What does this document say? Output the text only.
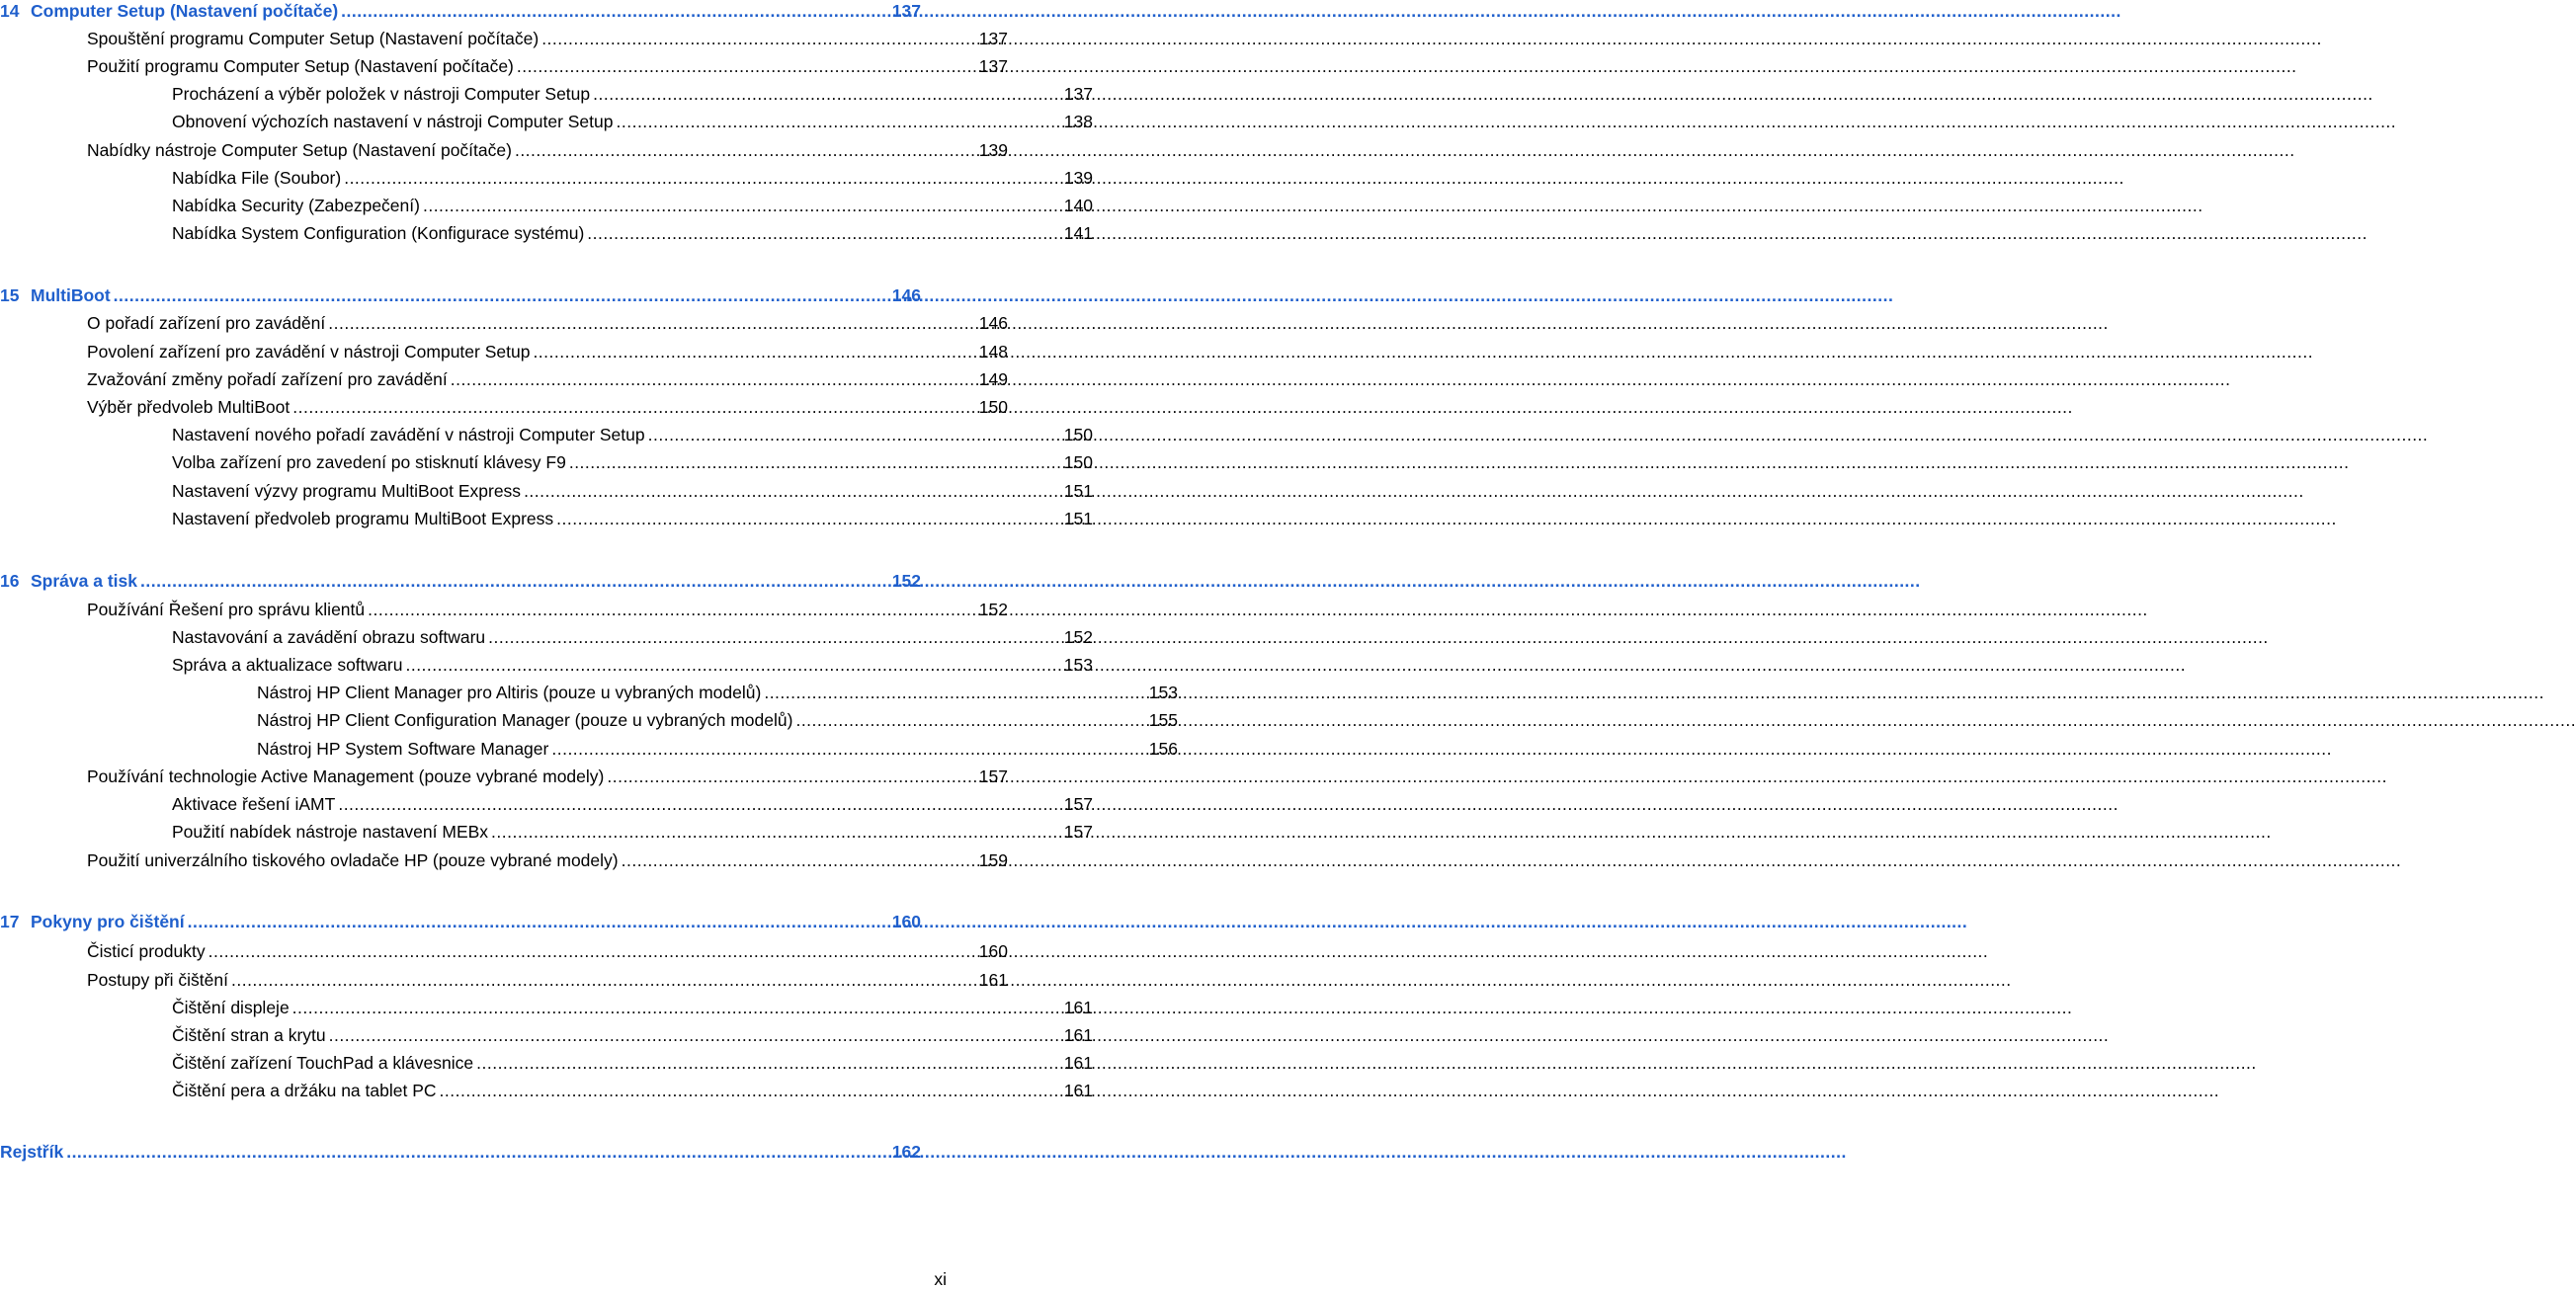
14 Computer Setup (Nastavení počítače) .....	137
Spouštění programu Computer Setup (Nastavení počítače) .....	137
Použití programu Computer Setup (Nastavení počítače) .....	137
Procházení a výběr položek v nástroji Computer Setup .....	137
Obnovení výchozích nastavení v nástroji Computer Setup .....	138
Nabídky nástroje Computer Setup (Nastavení počítače) .....	139
Nabídka File (Soubor) .....	139
Nabídka Security (Zabezpečení) .....	140
Nabídka System Configuration (Konfigurace systému) .....	141
15 MultiBoot .....	146
O pořadí zařízení pro zavádění .....	146
Povolení zařízení pro zavádění v nástroji Computer Setup .....	148
Zvažování změny pořadí zařízení pro zavádění .....	149
Výběr předvoleb MultiBoot .....	150
Nastavení nového pořadí zavádění v nástroji Computer Setup .....	150
Volba zařízení pro zavedení po stisknutí klávesy F9 .....	150
Nastavení výzvy programu MultiBoot Express .....	151
Nastavení předvoleb programu MultiBoot Express .....	151
16 Správa a tisk .....	152
Používání Řešení pro správu klientů .....	152
Nastavování a zavádění obrazu softwaru .....	152
Správa a aktualizace softwaru .....	153
Nástroj HP Client Manager pro Altiris (pouze u vybraných modelů) .....	153
Nástroj HP Client Configuration Manager (pouze u vybraných modelů) .....	155
Nástroj HP System Software Manager .....	156
Používání technologie Active Management (pouze vybrané modely) .....	157
Aktivace řešení iAMT .....	157
Použití nabídek nástroje nastavení MEBx .....	157
Použití univerzálního tiskového ovladače HP (pouze vybrané modely) .....	159
17 Pokyny pro čištění .....	160
Čisticí produkty .....	160
Postupy při čištění .....	161
Čištění displeje .....	161
Čištění stran a krytu .....	161
Čištění zařízení TouchPad a klávesnice .....	161
Čištění pera a držáku na tablet PC .....	161
Rejstřík .....	162
xi
